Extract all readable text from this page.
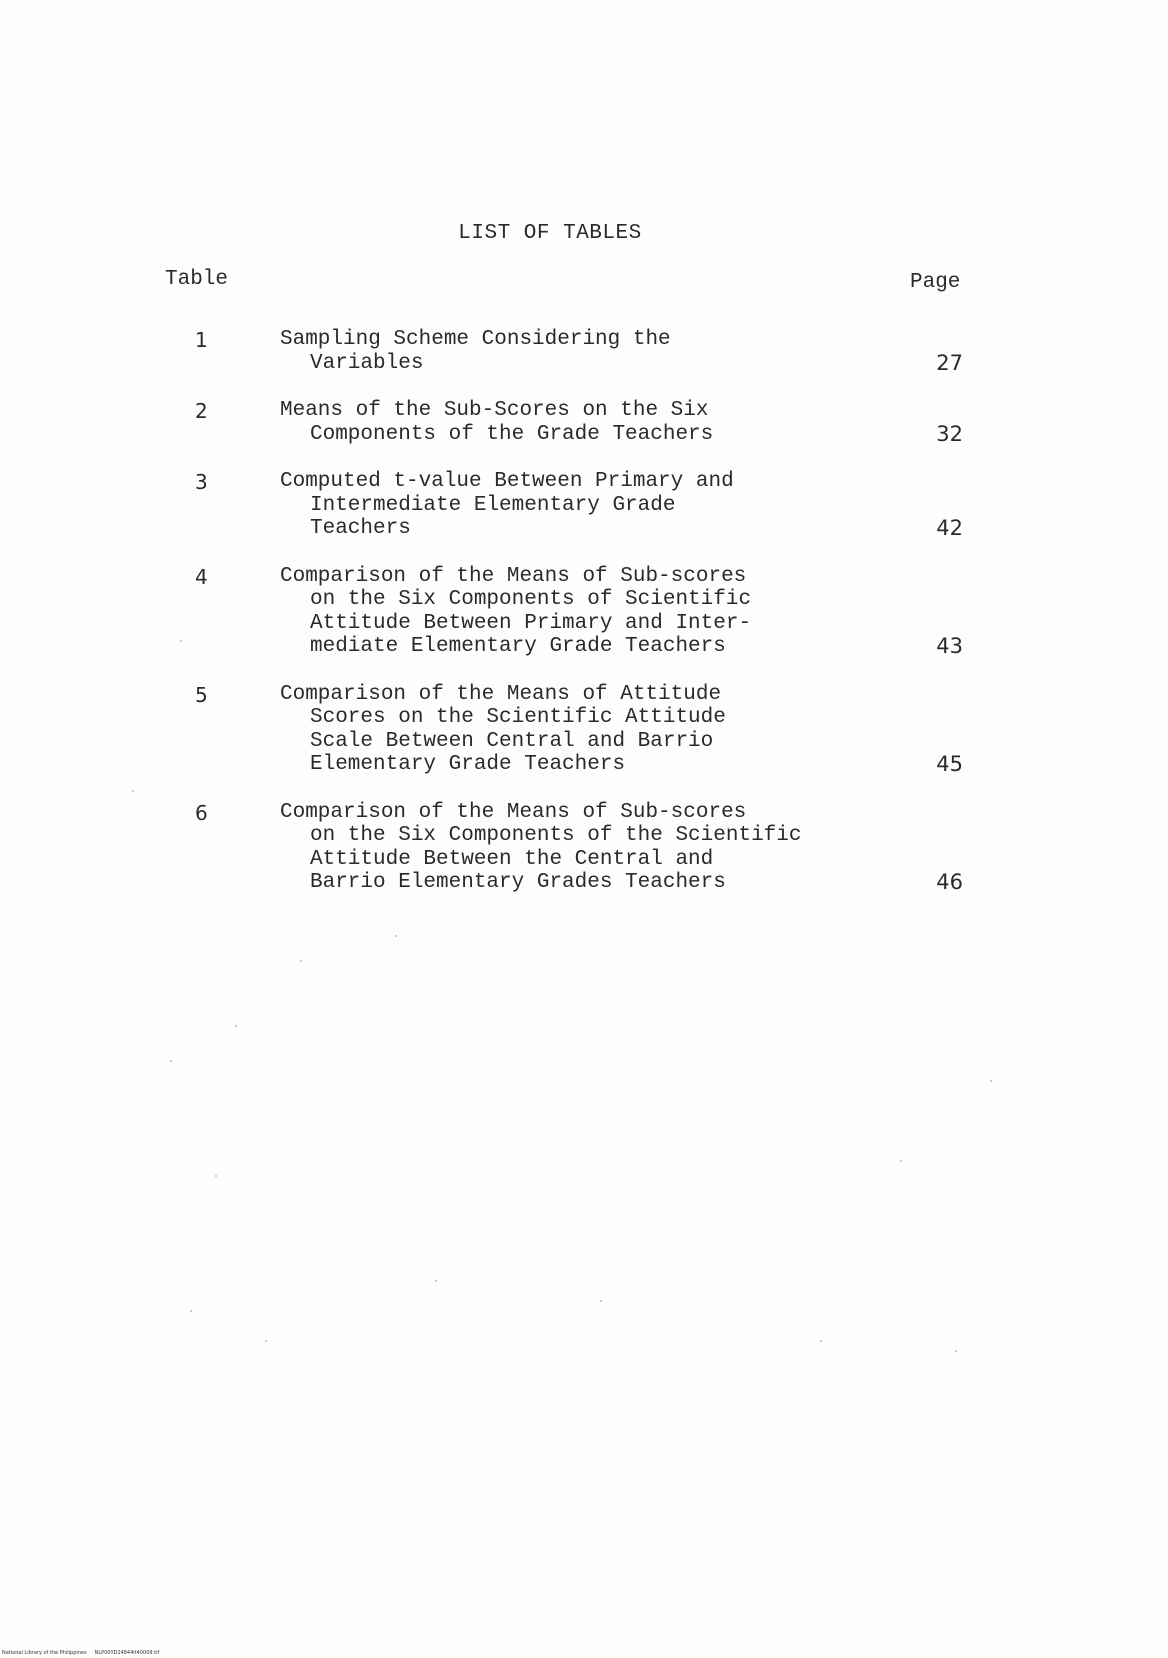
LIST OF TABLES
Table	Page
1	Sampling Scheme Considering the
Variables	27
2	Means of the Sub-Scores on the Six
Components of the Grade Teachers	32
3	Computed t-value Between Primary and
Intermediate Elementary Grade
Teachers	42
4	Comparison of the Means of Sub-scores
on the Six Components of Scientific
Attitude Between Primary and Inter-
mediate Elementary Grade Teachers	43
5	Comparison of the Means of Attitude
Scores on the Scientific Attitude
Scale Between Central and Barrio
Elementary Grade Teachers	45
6	Comparison of the Means of Sub-scores
on the Six Components of the Scientific
Attitude Between the Central and
Barrio Elementary Grades Teachers	46
National Library of the Philippines     NLP00YD24844it40009.tif
